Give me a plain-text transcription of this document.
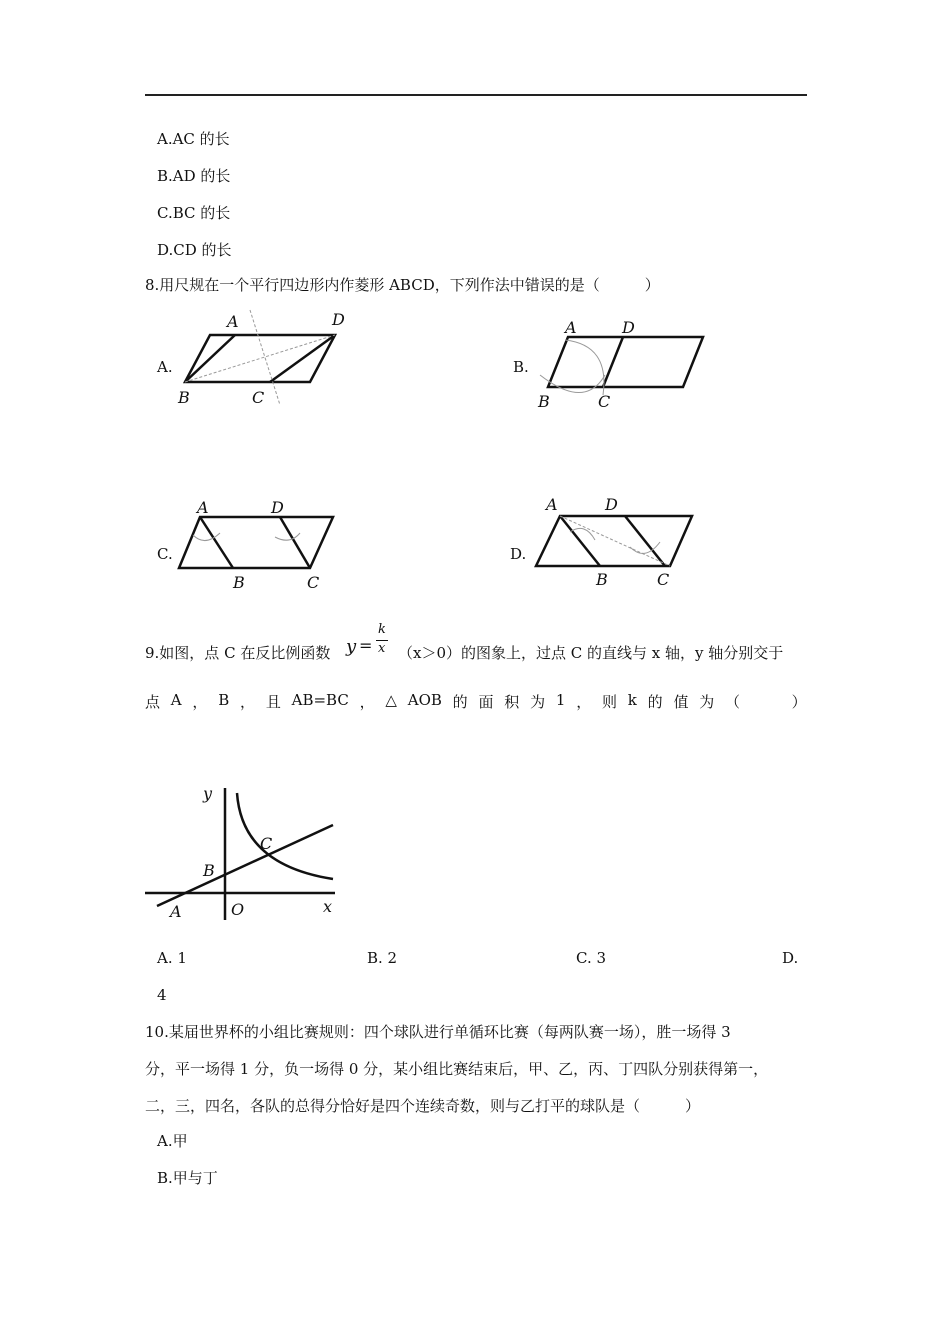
A.AC 的长
B.AD 的长
C.BC 的长
D.CD 的长
8.用尺规在一个平行四边形内作菱形 ABCD，下列作法中错误的是（　　　）
A.
A	D
B	C
B.
A	D
B	C
C.
A	D
B	C
D.
A	D
B	C
9.如图，点 C 在反比例函数 y =
k
x （x＞0）的图象上，过点 C 的直线与 x 轴，y 轴分别交于
点 A ， B ， 且 AB=BC ， △ AOB 的 面 积 为 1 ， 则 k 的 值 为 （
　　	）
y
C
B
A	O	x
A. 1	B. 2	C. 3	D.
4
10.某届世界杯的小组比赛规则：四个球队进行单循环比赛（每两队赛一场），胜一场得 3
分，平一场得 1 分，负一场得 0 分，某小组比赛结束后，甲、乙，丙、丁四队分别获得第一，
二，三，四名，各队的总得分恰好是四个连续奇数，则与乙打平的球队是（　　　）
A.甲
B.甲与丁
